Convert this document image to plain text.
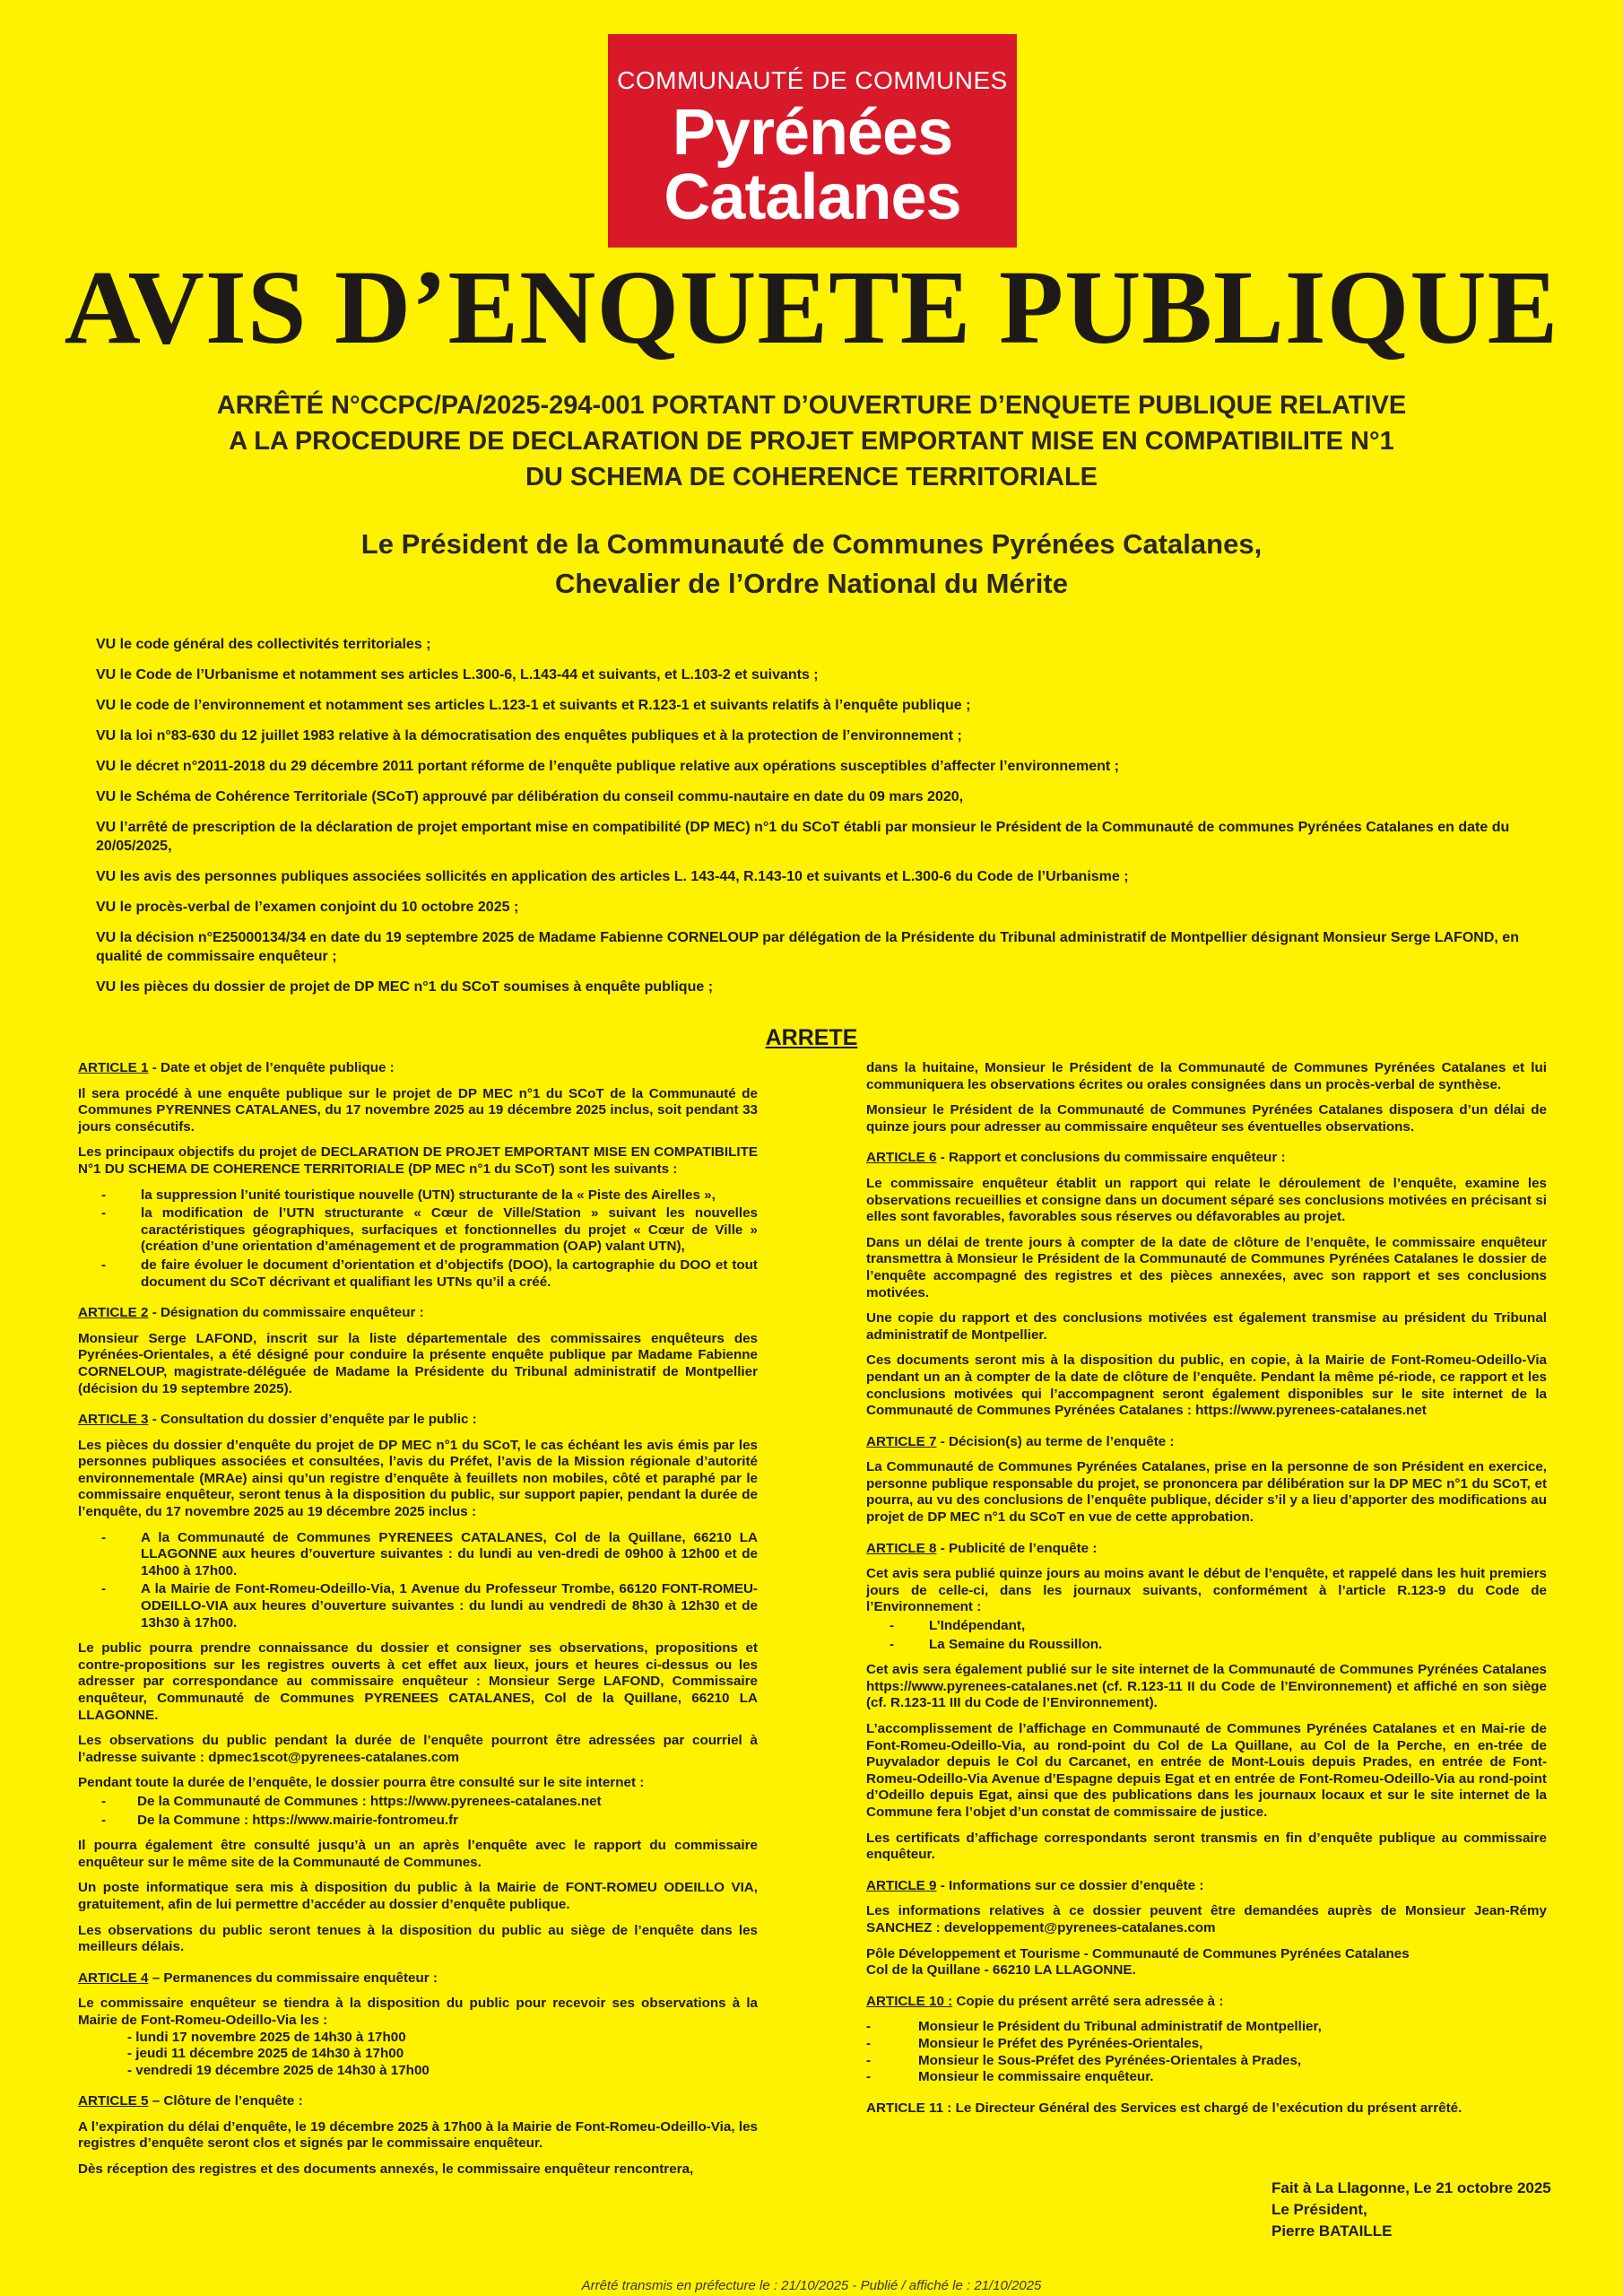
COMMUNAUTÉ DE COMMUNES
Pyrénées
Catalanes
AVIS D’ENQUETE PUBLIQUE
ARRÊTÉ N°CCPC/PA/2025-294-001 PORTANT D’OUVERTURE D’ENQUETE PUBLIQUE RELATIVE
A LA PROCEDURE DE DECLARATION DE PROJET EMPORTANT MISE EN COMPATIBILITE N°1
DU SCHEMA DE COHERENCE TERRITORIALE
Le Président de la Communauté de Communes Pyrénées Catalanes,
Chevalier de l’Ordre National du Mérite
VU le code général des collectivités territoriales ;
VU le Code de l’Urbanisme et notamment ses articles L.300-6, L.143-44 et suivants, et L.103-2 et suivants ;
VU le code de l’environnement et notamment ses articles L.123-1 et suivants et R.123-1 et suivants relatifs à l’enquête publique ;
VU la loi n°83-630 du 12 juillet 1983 relative à la démocratisation des enquêtes publiques et à la protection de l’environnement ;
VU le décret n°2011-2018 du 29 décembre 2011 portant réforme de l’enquête publique relative aux opérations susceptibles d’affecter l’environnement ;
VU le Schéma de Cohérence Territoriale (SCoT) approuvé par délibération du conseil commu-nautaire en date du 09 mars 2020,
VU l’arrêté de prescription de la déclaration de projet emportant mise en compatibilité (DP MEC) n°1 du SCoT établi par monsieur le Président de la Communauté de communes Pyrénées Catalanes en date du 20/05/2025,
VU les avis des personnes publiques associées sollicités en application des articles L. 143-44, R.143-10 et suivants et L.300-6 du Code de l’Urbanisme ;
VU le procès-verbal de l’examen conjoint du 10 octobre 2025 ;
VU la décision n°E25000134/34 en date du 19 septembre 2025 de Madame Fabienne CORNELOUP par délégation de la Présidente du Tribunal administratif de Montpellier désignant Monsieur Serge LAFOND, en qualité de commissaire enquêteur ;
VU les pièces du dossier de projet de DP MEC n°1 du SCoT soumises à enquête publique ;
ARRETE

ARTICLE 1 - Date et objet de l’enquête publique :

Il sera procédé à une enquête publique sur le projet de DP MEC n°1 du SCoT de la Communauté de Communes PYRENNES CATALANES, du 17 novembre 2025 au 19 décembre 2025 inclus, soit pendant 33 jours consécutifs.

Les principaux objectifs du projet de DECLARATION DE PROJET EMPORTANT MISE EN COMPATIBILITE N°1 DU SCHEMA DE COHERENCE TERRITORIALE (DP MEC n°1 du SCoT) sont les suivants :

- la suppression l’unité touristique nouvelle (UTN) structurante de la « Piste des Airelles »,
- la modification de l’UTN structurante « Cœur de Ville/Station » suivant les nouvelles caractéristiques géographiques, surfaciques et fonctionnelles du projet « Cœur de Ville » (création d’une orientation d’aménagement et de programmation (OAP) valant UTN),
- de faire évoluer le document d’orientation et d’objectifs (DOO), la cartographie du DOO et tout document du SCoT décrivant et qualifiant les UTNs qu’il a créé.

ARTICLE 2 - Désignation du commissaire enquêteur :

Monsieur Serge LAFOND, inscrit sur la liste départementale des commissaires enquêteurs des Pyrénées-Orientales, a été désigné pour conduire la présente enquête publique par Madame Fabienne CORNELOUP, magistrate-déléguée de Madame la Présidente du Tribunal administratif de Montpellier (décision du 19 septembre 2025).

ARTICLE 3 - Consultation du dossier d’enquête par le public :

Les pièces du dossier d’enquête du projet de DP MEC n°1 du SCoT, le cas échéant les avis émis par les personnes publiques associées et consultées, l’avis du Préfet, l’avis de la Mission régionale d’autorité environnementale (MRAe) ainsi qu’un registre d’enquête à feuillets non mobiles, côté et paraphé par le commissaire enquêteur, seront tenus à la disposition du public, sur support papier, pendant la durée de l’enquête, du 17 novembre 2025 au 19 décembre 2025 inclus :

- A la Communauté de Communes PYRENEES CATALANES, Col de la Quillane, 66210 LA LLAGONNE aux heures d’ouverture suivantes : du lundi au ven-dredi de 09h00 à 12h00 et de 14h00 à 17h00.
- A la Mairie de Font-Romeu-Odeillo-Via, 1 Avenue du Professeur Trombe, 66120 FONT-ROMEU-ODEILLO-VIA aux heures d’ouverture suivantes : du lundi au vendredi de 8h30 à 12h30 et de 13h30 à 17h00.

Le public pourra prendre connaissance du dossier et consigner ses observations, propositions et contre-propositions sur les registres ouverts à cet effet aux lieux, jours et heures ci-dessus ou les adresser par correspondance au commissaire enquêteur : Monsieur Serge LAFOND, Commissaire enquêteur, Communauté de Communes PYRENEES CATALANES, Col de la Quillane, 66210 LA LLAGONNE.

Les observations du public pendant la durée de l’enquête pourront être adressées par courriel à l’adresse suivante : dpmec1scot@pyrenees-catalanes.com

Pendant toute la durée de l’enquête, le dossier pourra être consulté sur le site internet :

- De la Communauté de Communes : https://www.pyrenees-catalanes.net
- De la Commune : https://www.mairie-fontromeu.fr

Il pourra également être consulté jusqu’à un an après l’enquête avec le rapport du commissaire enquêteur sur le même site de la Communauté de Communes.

Un poste informatique sera mis à disposition du public à la Mairie de FONT-ROMEU ODEILLO VIA, gratuitement, afin de lui permettre d’accéder au dossier d’enquête publique.

Les observations du public seront tenues à la disposition du public au siège de l’enquête dans les meilleurs délais.

ARTICLE 4 – Permanences du commissaire enquêteur :

Le commissaire enquêteur se tiendra à la disposition du public pour recevoir ses observations à la Mairie de Font-Romeu-Odeillo-Via les :

- lundi 17 novembre 2025 de 14h30 à 17h00
- jeudi 11 décembre 2025 de 14h30 à 17h00
- vendredi 19 décembre 2025 de 14h30 à 17h00

ARTICLE 5 – Clôture de l’enquête :

A l’expiration du délai d’enquête, le 19 décembre 2025 à 17h00 à la Mairie de Font-Romeu-Odeillo-Via, les registres d’enquête seront clos et signés par le commissaire enquêteur.

Dès réception des registres et des documents annexés, le commissaire enquêteur rencontrera,

dans la huitaine, Monsieur le Président de la Communauté de Communes Pyrénées Catalanes et lui communiquera les observations écrites ou orales consignées dans un procès-verbal de synthèse.

Monsieur le Président de la Communauté de Communes Pyrénées Catalanes disposera d’un délai de quinze jours pour adresser au commissaire enquêteur ses éventuelles observations.

ARTICLE 6 - Rapport et conclusions du commissaire enquêteur :

Le commissaire enquêteur établit un rapport qui relate le déroulement de l’enquête, examine les observations recueillies et consigne dans un document séparé ses conclusions motivées en précisant si elles sont favorables, favorables sous réserves ou défavorables au projet.

Dans un délai de trente jours à compter de la date de clôture de l’enquête, le commissaire enquêteur transmettra à Monsieur le Président de la Communauté de Communes Pyrénées Catalanes le dossier de l’enquête accompagné des registres et des pièces annexées, avec son rapport et ses conclusions motivées.

Une copie du rapport et des conclusions motivées est également transmise au président du Tribunal administratif de Montpellier.

Ces documents seront mis à la disposition du public, en copie, à la Mairie de Font-Romeu-Odeillo-Via pendant un an à compter de la date de clôture de l’enquête. Pendant la même pé-riode, ce rapport et les conclusions motivées qui l’accompagnent seront également disponibles sur le site internet de la Communauté de Communes Pyrénées Catalanes : https://www.pyrenees-catalanes.net

ARTICLE 7 - Décision(s) au terme de l’enquête :

La Communauté de Communes Pyrénées Catalanes, prise en la personne de son Président en exercice, personne publique responsable du projet, se prononcera par délibération sur la DP MEC n°1 du SCoT, et pourra, au vu des conclusions de l’enquête publique, décider s’il y a lieu d’apporter des modifications au projet de DP MEC n°1 du SCoT en vue de cette approbation.

ARTICLE 8 - Publicité de l’enquête :

Cet avis sera publié quinze jours au moins avant le début de l’enquête, et rappelé dans les huit premiers jours de celle-ci, dans les journaux suivants, conformément à l’article R.123-9 du Code de l’Environnement :

- L’Indépendant,
- La Semaine du Roussillon.

Cet avis sera également publié sur le site internet de la Communauté de Communes Pyrénées Catalanes https://www.pyrenees-catalanes.net (cf. R.123-11 II du Code de l’Environnement) et affiché en son siège (cf. R.123-11 III du Code de l’Environnement).

L’accomplissement de l’affichage en Communauté de Communes Pyrénées Catalanes et en Mai-rie de Font-Romeu-Odeillo-Via, au rond-point du Col de La Quillane, au Col de la Perche, en en-trée de Puyvalador depuis le Col du Carcanet, en entrée de Mont-Louis depuis Prades, en entrée de Font-Romeu-Odeillo-Via Avenue d’Espagne depuis Egat et en entrée de Font-Romeu-Odeillo-Via au rond-point d’Odeillo depuis Egat, ainsi que des publications dans les journaux locaux et sur le site internet de la Commune fera l’objet d’un constat de commissaire de justice.

Les certificats d’affichage correspondants seront transmis en fin d’enquête publique au commissaire enquêteur.

ARTICLE 9 - Informations sur ce dossier d’enquête :

Les informations relatives à ce dossier peuvent être demandées auprès de Monsieur Jean-Rémy SANCHEZ : developpement@pyrenees-catalanes.com

Pôle Développement et Tourisme - Communauté de Communes Pyrénées Catalanes

Col de la Quillane - 66210 LA LLAGONNE.

ARTICLE 10 : Copie du présent arrêté sera adressée à :

- Monsieur le Président du Tribunal administratif de Montpellier,
- Monsieur le Préfet des Pyrénées-Orientales,
- Monsieur le Sous-Préfet des Pyrénées-Orientales à Prades,
- Monsieur le commissaire enquêteur.

ARTICLE 11 : Le Directeur Général des Services est chargé de l’exécution du présent arrêté.

Fait à La Llagonne, Le 21 octobre 2025
Le Président,
Pierre BATAILLE
Arrêté transmis en préfecture le : 21/10/2025 - Publié / affiché le : 21/10/2025
